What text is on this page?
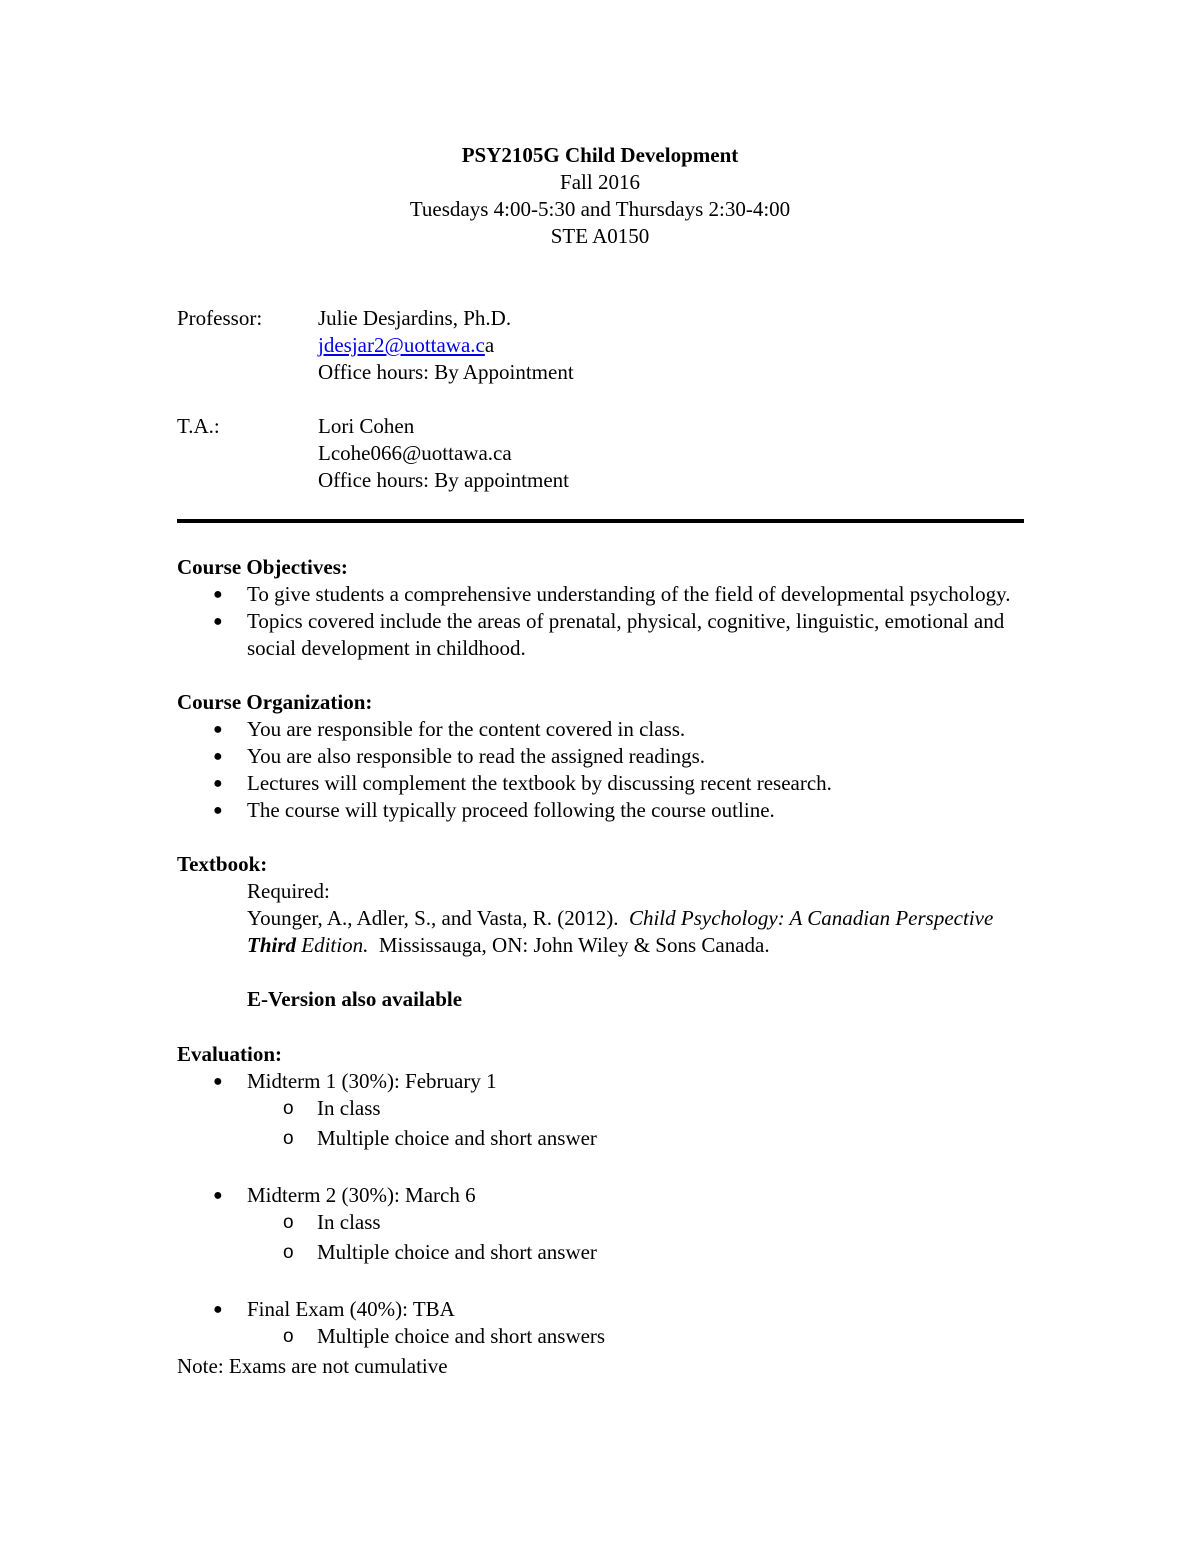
PSY2105G Child Development
Fall 2016
Tuesdays 4:00-5:30 and Thursdays 2:30-4:00
STE A0150
Professor:	Julie Desjardins, Ph.D.
jdesjar2@uottawa.ca
Office hours: By Appointment
T.A.:	Lori Cohen
Lcohe066@uottawa.ca
Office hours: By appointment
Course Objectives:
● To give students a comprehensive understanding of the field of developmental psychology.
● Topics covered include the areas of prenatal, physical, cognitive, linguistic, emotional and social development in childhood.
Course Organization:
● You are responsible for the content covered in class.
● You are also responsible to read the assigned readings.
● Lectures will complement the textbook by discussing recent research.
● The course will typically proceed following the course outline.
Textbook:
Required:
Younger, A., Adler, S., and Vasta, R. (2012). Child Psychology: A Canadian Perspective Third Edition. Mississauga, ON: John Wiley & Sons Canada.
E-Version also available
Evaluation:
● Midterm 1 (30%): February 1
o In class
o Multiple choice and short answer
● Midterm 2 (30%): March 6
o In class
o Multiple choice and short answer
● Final Exam (40%): TBA
o Multiple choice and short answers
Note: Exams are not cumulative
